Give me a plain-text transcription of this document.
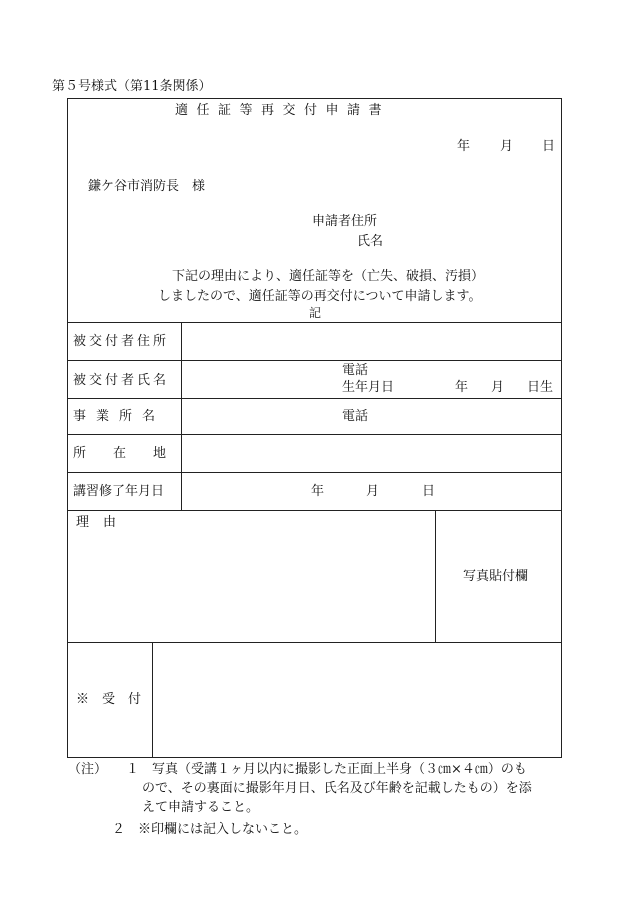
第５号様式（第11条関係）
適任証等再交付申請書
年 月 日
鎌ケ谷市消防長　様
申請者住所
氏名
下記の理由により、適任証等を（亡失、破損、汚損）
しましたので、適任証等の再交付について申請します。
記
被交付者住所
被交付者氏名
電話
生年月日	年 月 日生
事業所名	電話
所在地
講習修了年月日	年	月	日
理由
写真貼付欄
※受付
（注） １ 写真（受講１ヶ月以内に撮影した正面上半身（３㎝×４㎝）のも
ので、その裏面に撮影年月日、氏名及び年齢を記載したもの）を添
えて申請すること。
２ ※印欄には記入しないこと。
